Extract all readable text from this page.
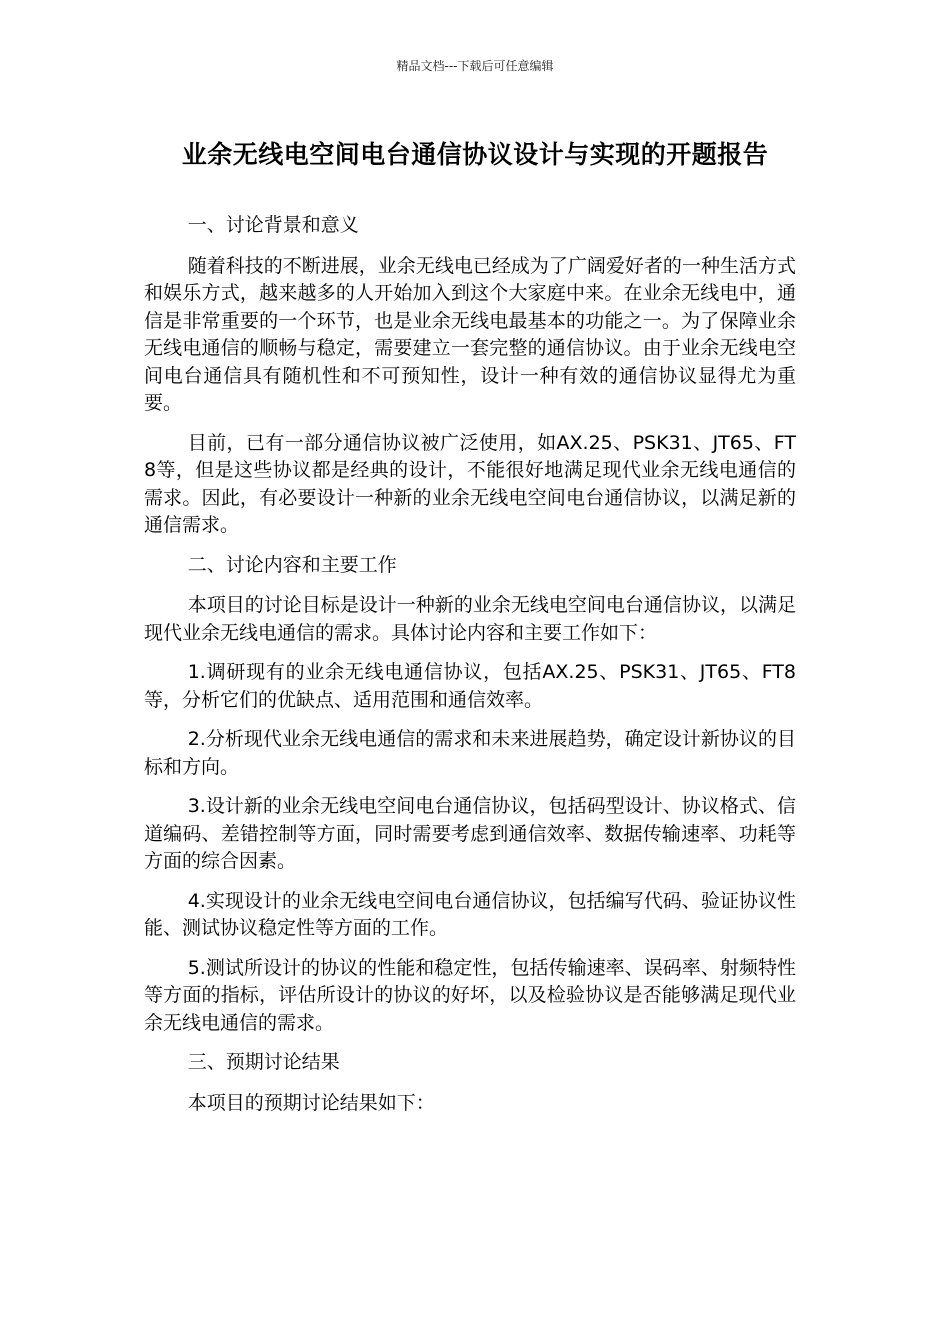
精品文档---下载后可任意编辑
业余无线电空间电台通信协议设计与实现的开题报告

一、讨论背景和意义

随着科技的不断进展，业余无线电已经成为了广阔爱好者的一种生活方式和娱乐方式，越来越多的人开始加入到这个大家庭中来。在业余无线电中，通信是非常重要的一个环节，也是业余无线电最基本的功能之一。为了保障业余无线电通信的顺畅与稳定，需要建立一套完整的通信协议。由于业余无线电空间电台通信具有随机性和不可预知性，设计一种有效的通信协议显得尤为重要。

目前，已有一部分通信协议被广泛使用，如AX.25、PSK31、JT65、FT8等，但是这些协议都是经典的设计，不能很好地满足现代业余无线电通信的需求。因此，有必要设计一种新的业余无线电空间电台通信协议，以满足新的通信需求。

二、讨论内容和主要工作

本项目的讨论目标是设计一种新的业余无线电空间电台通信协议，以满足现代业余无线电通信的需求。具体讨论内容和主要工作如下：

1.调研现有的业余无线电通信协议，包括AX.25、PSK31、JT65、FT8等，分析它们的优缺点、适用范围和通信效率。

2.分析现代业余无线电通信的需求和未来进展趋势，确定设计新协议的目标和方向。

3.设计新的业余无线电空间电台通信协议，包括码型设计、协议格式、信道编码、差错控制等方面，同时需要考虑到通信效率、数据传输速率、功耗等方面的综合因素。

4.实现设计的业余无线电空间电台通信协议，包括编写代码、验证协议性能、测试协议稳定性等方面的工作。

5.测试所设计的协议的性能和稳定性，包括传输速率、误码率、射频特性等方面的指标，评估所设计的协议的好坏，以及检验协议是否能够满足现代业余无线电通信的需求。

三、预期讨论结果

本项目的预期讨论结果如下：
